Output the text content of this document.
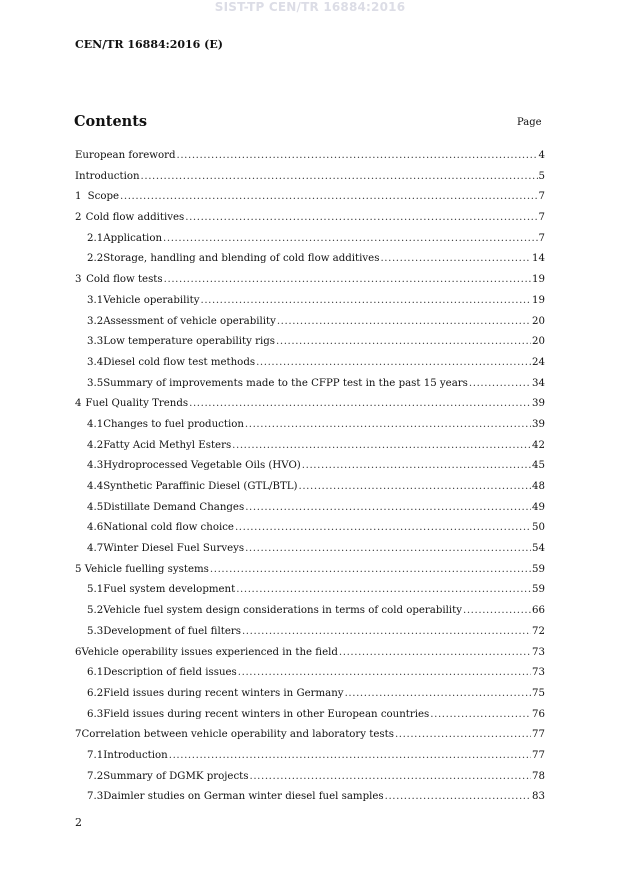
SIST-TP CEN/TR 16884:2016
CEN/TR 16884:2016 (E)
Contents	Page
European foreword .....	4
Introduction .....	5
1 Scope .....	7
2 Cold flow additives .....	7
2.1 Application .....	7
2.2 Storage, handling and blending of cold flow additives .....	14
3 Cold flow tests .....	19
3.1 Vehicle operability .....	19
3.2 Assessment of vehicle operability .....	20
3.3 Low temperature operability rigs .....	20
3.4 Diesel cold flow test methods .....	24
3.5 Summary of improvements made to the CFPP test in the past 15 years .....	34
4 Fuel Quality Trends .....	39
4.1 Changes to fuel production .....	39
4.2 Fatty Acid Methyl Esters .....	42
4.3 Hydroprocessed Vegetable Oils (HVO) .....	45
4.4 Synthetic Paraffinic Diesel (GTL/BTL) .....	48
4.5 Distillate Demand Changes .....	49
4.6 National cold flow choice .....	50
4.7 Winter Diesel Fuel Surveys .....	54
5 Vehicle fuelling systems .....	59
5.1 Fuel system development .....	59
5.2 Vehicle fuel system design considerations in terms of cold operability .....	66
5.3 Development of fuel filters .....	72
6 Vehicle operability issues experienced in the field .....	73
6.1 Description of field issues .....	73
6.2 Field issues during recent winters in Germany .....	75
6.3 Field issues during recent winters in other European countries .....	76
7 Correlation between vehicle operability and laboratory tests .....	77
7.1 Introduction .....	77
7.2 Summary of DGMK projects .....	78
7.3 Daimler studies on German winter diesel fuel samples .....	83
2
